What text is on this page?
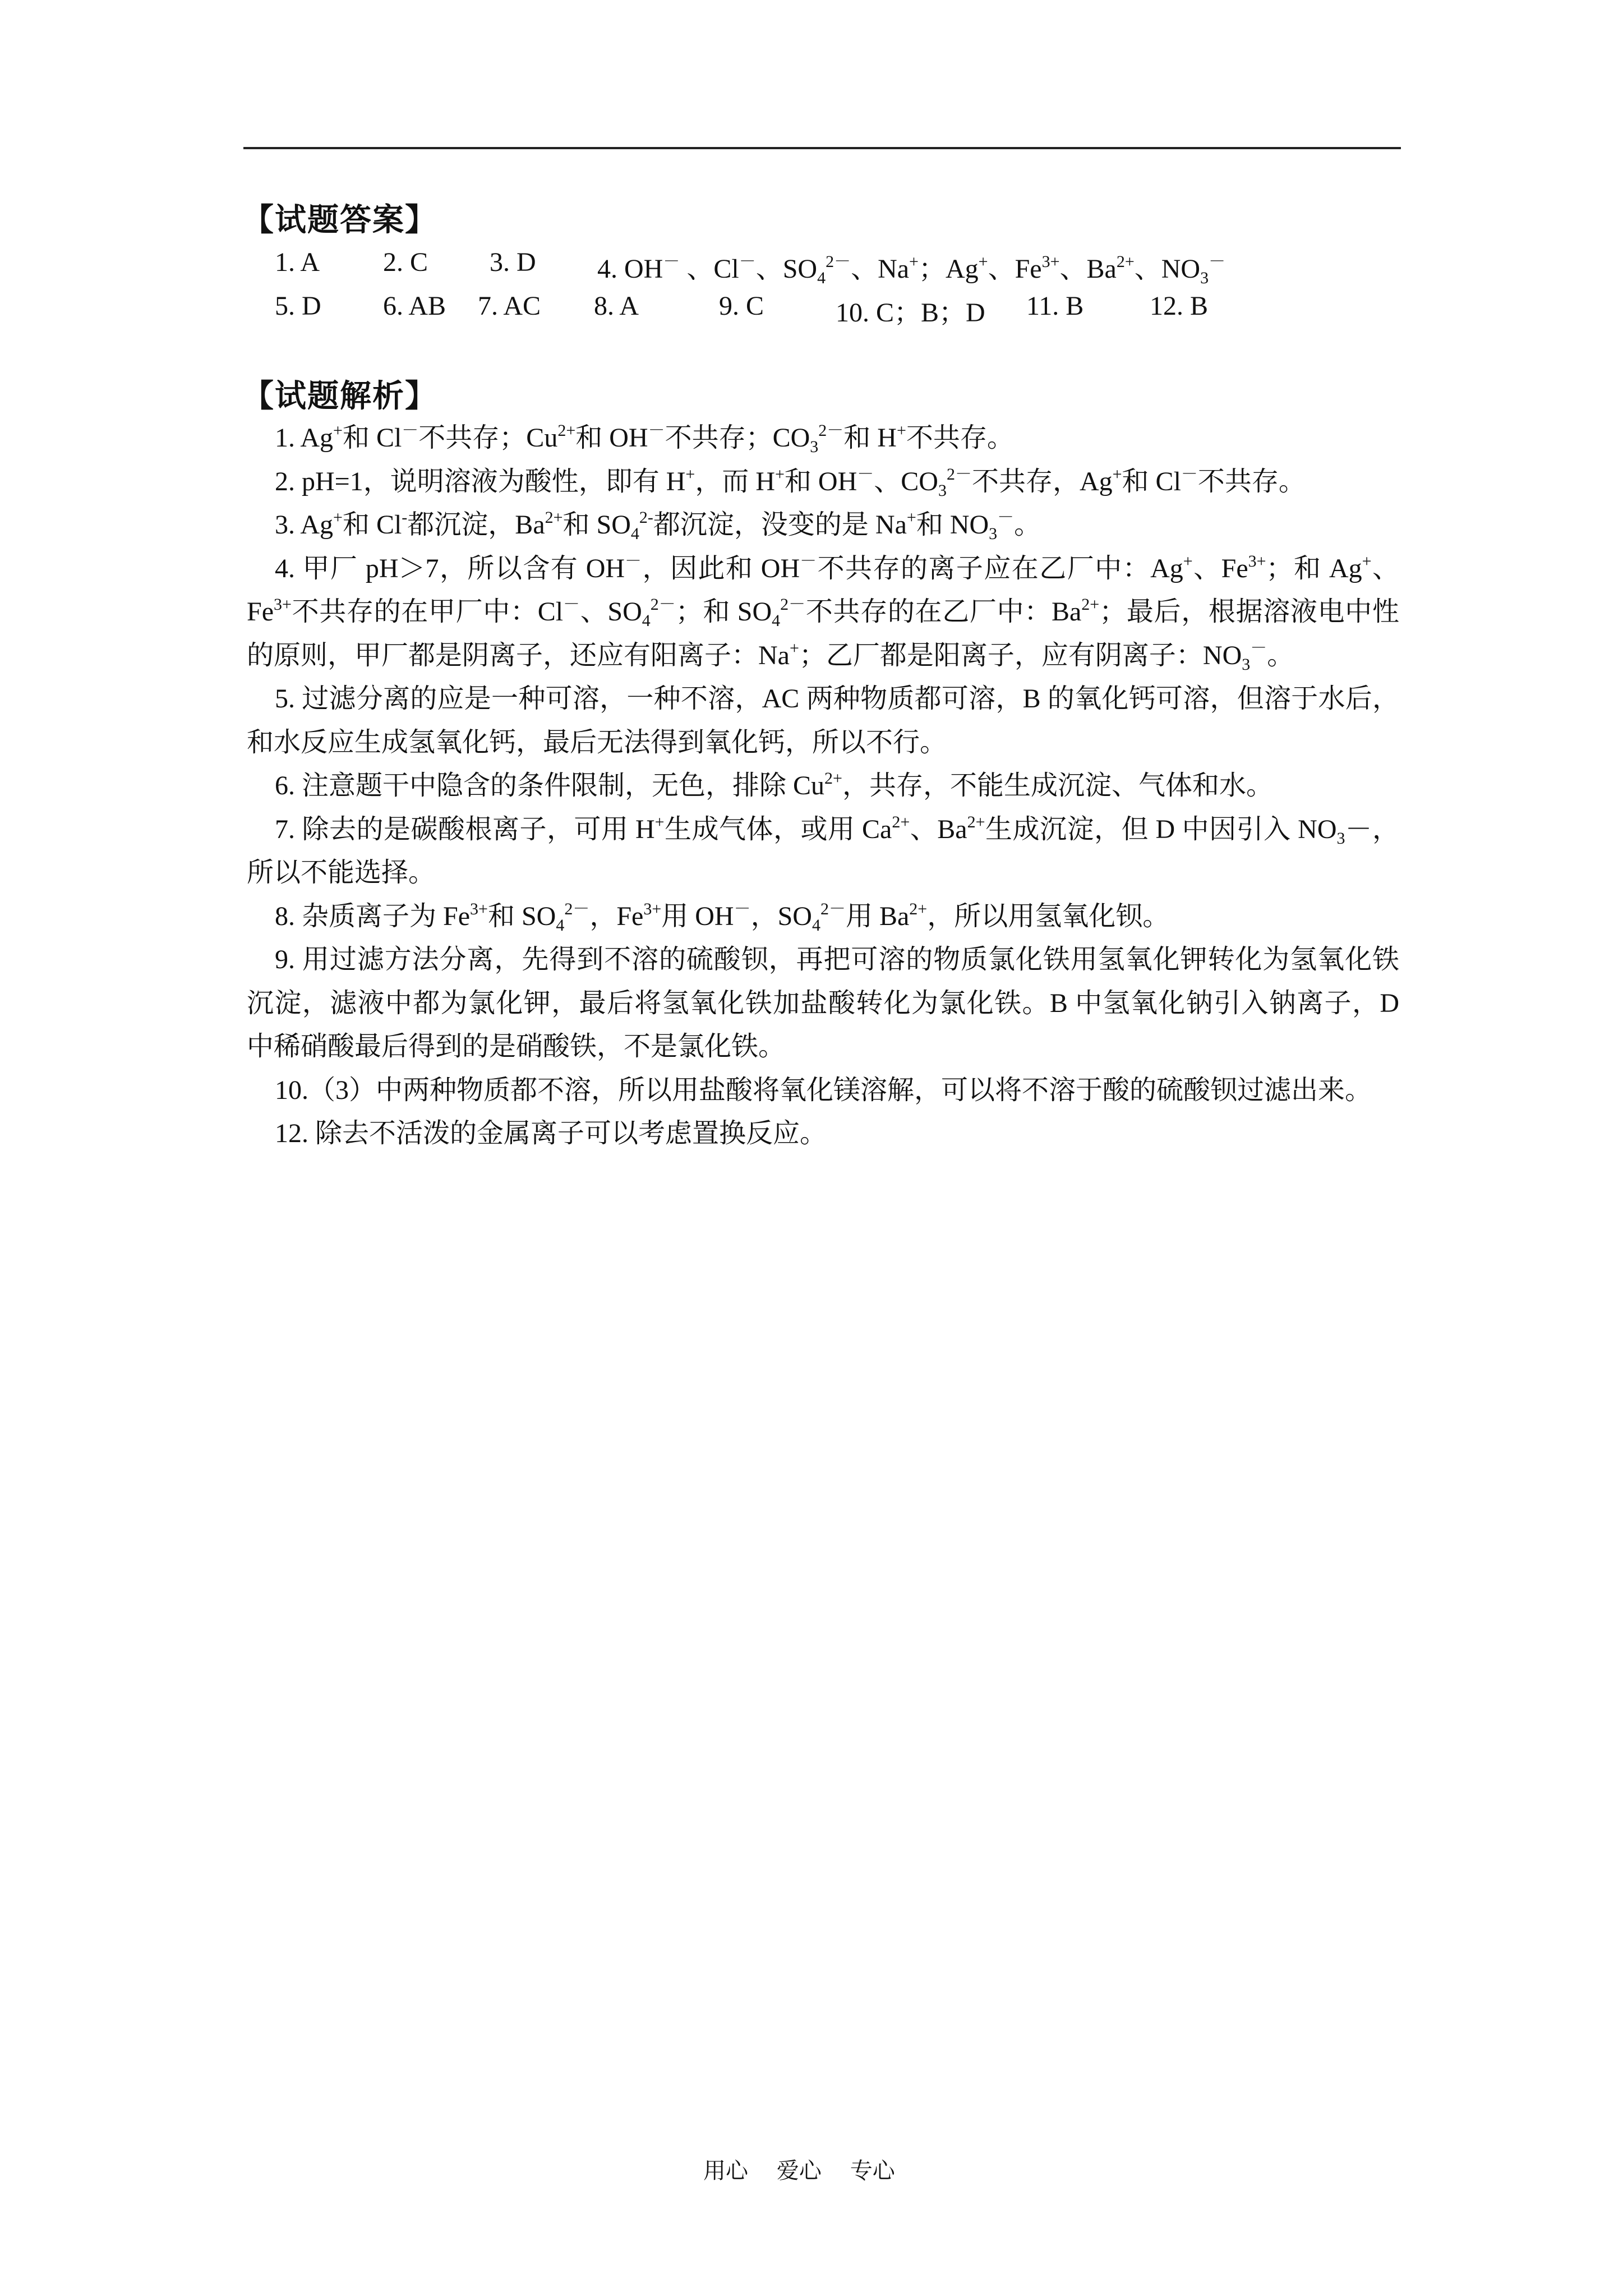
【试题答案】
1. A 2. C 3. D 4. OH－ 、Cl－、$SO_4^{2-}$、Na+；Ag+、$Fe^{3+}$、$Ba^{2+}$、$NO_3^-$
5. D 6. AB 7. AC 8. A	9. C	10. C；B；D 11. B 12. B
【试题解析】

1. Ag+和 Cl－不共存；$Cu^{2+}$和 OH－不共存；$CO_3^{2-}$和 H+不共存。

2. pH=1，说明溶液为酸性，即有 H+，而 H+和 OH－、$CO_3^{2-}$不共存，Ag+和 Cl－不共存。

3. Ag+和 Cl-都沉淀，$Ba^{2+}$和 $SO_4^{2-}$都沉淀，没变的是 Na+和 $NO_3^-$。

4. 甲厂 pH＞7，所以含有 OH－，因此和 OH－不共存的离子应在乙厂中：Ag+、$Fe^{3+}$；和 Ag+、$Fe^{3+}$不共存的在甲厂中：Cl－、$SO_4^{2-}$；和 $SO_4^{2-}$不共存的在乙厂中：$Ba^{2+}$；最后，根据溶液电中性的原则，甲厂都是阴离子，还应有阳离子：Na+；乙厂都是阳离子，应有阴离子：$NO_3^-$。

5. 过滤分离的应是一种可溶，一种不溶，AC 两种物质都可溶，B 的氧化钙可溶，但溶于水后，和水反应生成氢氧化钙，最后无法得到氧化钙，所以不行。

6. 注意题干中隐含的条件限制，无色，排除 $Cu^{2+}$，共存，不能生成沉淀、气体和水。

7. 除去的是碳酸根离子，可用 H+生成气体，或用 $Ca^{2+}$、$Ba^{2+}$生成沉淀，但 D 中因引入 $NO_3-$，所以不能选择。

8. 杂质离子为 $Fe^{3+}$和 $SO_4^{2-}$，$Fe^{3+}$用 OH－，$SO_4^{2-}$用 $Ba^{2+}$，所以用氢氧化钡。

9. 用过滤方法分离，先得到不溶的硫酸钡，再把可溶的物质氯化铁用氢氧化钾转化为氢氧化铁沉淀，滤液中都为氯化钾，最后将氢氧化铁加盐酸转化为氯化铁。B 中氢氧化钠引入钠离子，D 中稀硝酸最后得到的是硝酸铁，不是氯化铁。

10.（3）中两种物质都不溶，所以用盐酸将氧化镁溶解，可以将不溶于酸的硫酸钡过滤出来。

12. 除去不活泼的金属离子可以考虑置换反应。

用心    爱心    专心
